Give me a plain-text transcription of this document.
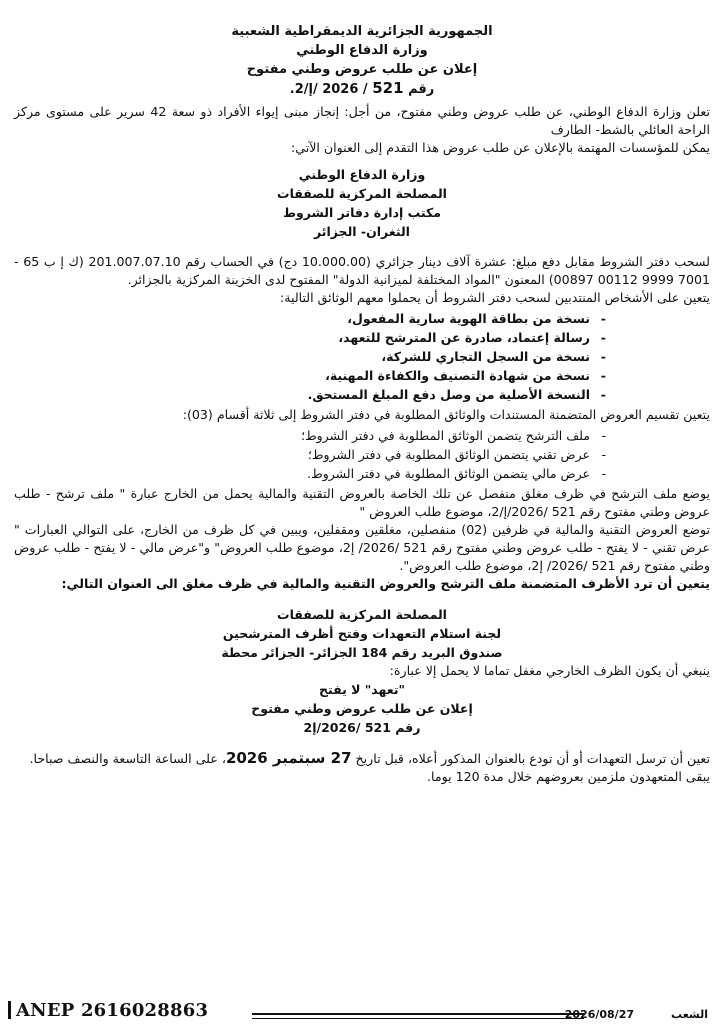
الجمهورية الجزائرية الديمقراطية الشعبية
وزارة الدفاع الوطني
إعلان عن طلب عروض وطني مفتوح
رقم 521 / 2026 /إ/2.

تعلن وزارة الدفاع الوطني، عن طلب عروض وطني مفتوح، من أجل: إنجاز مبنى إيواء الأفراد ذو سعة 42 سرير على مستوى مركز الراحة العائلي بالشط- الطارف

يمكن للمؤسسات المهتمة بالإعلان عن طلب عروض هذا التقدم إلى العنوان الآتي:

وزارة الدفاع الوطني
المصلحة المركزية للصفقات
مكتب إدارة دفاتر الشروط
الثغران- الجزائر

لسحب دفتر الشروط مقابل دفع مبلغ: عشرة آلاف دينار جزائري (10.000.00 دج) في الحساب رقم 201.007.07.10 (ك إ ب 65 - 7001 9999 00112 00897) المعنون "المواد المختلفة لميزانية الدولة" المفتوح لدى الخزينة المركزية بالجزائر.

يتعين على الأشخاص المنتدبين لسحب دفتر الشروط أن يحملوا معهم الوثائق التالية:

- نسخة من بطاقة الهوية سارية المفعول،
- رسالة إعتماد، صادرة عن المترشح للتعهد،
- نسخة من السجل التجاري للشركة،
- نسخة من شهادة التصنيف والكفاءة المهنية،
- النسخة الأصلية من وصل دفع المبلغ المستحق.

يتعين تقسيم العروض المتضمنة المستندات والوثائق المطلوبة في دفتر الشروط إلى ثلاثة أقسام (03):

- ملف الترشح يتضمن الوثائق المطلوبة في دفتر الشروط؛
- عرض تقني يتضمن الوثائق المطلوبة في دفتر الشروط؛
- عرض مالي يتضمن الوثائق المطلوبة في دفتر الشروط.

يوضع ملف الترشح في ظرف مغلق منفصل عن تلك الخاصة بالعروض التقنية والمالية يحمل من الخارج عبارة " ملف ترشح - طلب عروض وطني مفتوح رقم 521 /2026/إ/2، موضوع طلب العروض "

توضع العروض التقنية والمالية في ظرفين (02) منفصلين، مغلقين ومقفلين، ويبين في كل ظرف من الخارج، على التوالي العبارات " عرض تقني - لا يفتح - طلب عروض وطني مفتوح رقم 521 /2026/ إ2، موضوع طلب العروض" و"عرض مالي - لا يفتح - طلب عروض وطني مفتوح رقم 521 /2026/ إ2، موضوع طلب العروض".

يتعين أن ترد الأظرف المتضمنة ملف الترشح والعروض التقنية والمالية في ظرف مغلق الى العنوان التالي:

المصلحة المركزية للصفقات
لجنة استلام التعهدات وفتح أظرف المترشحين
صندوق البريد رقم 184 الجزائر- الجزائر محطة

ينبغي أن يكون الظرف الخارجي مغفل تماما لا يحمل إلا عبارة:

"تعهد" لا يفتح
إعلان عن طلب عروض وطني مفتوح
رقم 521 /2026/إ2

تعين أن ترسل التعهدات أو أن تودع بالعنوان المذكور أعلاه، قبل تاريخ 27 سبتمبر 2026، على الساعة التاسعة والنصف صباحا.

يبقى المتعهدون ملزمين بعروضهم خلال مدة 120 يوما.

ANEP 2616028863	2026/08/27	الشعب
